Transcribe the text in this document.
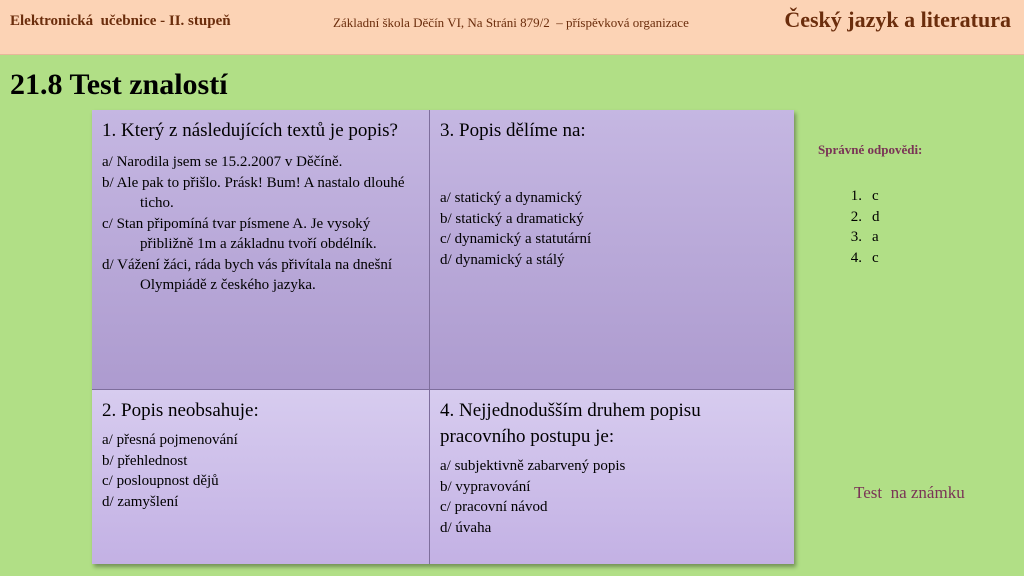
Elektronická  učebnice - II. stupeň	Základní škola Děčín VI, Na Stráni 879/2  – příspěvková organizace	Český jazyk a literatura
21.8 Test znalostí

1. Který z následujících textů je popis?

a/ Narodila jsem se 15.2.2007 v Děčíně.
b/ Ale pak to přišlo. Prásk! Bum! A nastalo dlouhé ticho.
c/ Stan připomíná tvar písmene A. Je vysoký přibližně 1m a základnu tvoří obdélník.
d/ Vážení žáci, ráda bych vás přivítala na dnešní Olympiádě z českého jazyka.

3. Popis dělíme na:

a/ statický a dynamický
b/ statický a dramatický
c/ dynamický a statutární
d/ dynamický a stálý

2. Popis neobsahuje:

a/ přesná pojmenování
b/ přehlednost
c/ posloupnost dějů
d/ zamyšlení

4. Nejjednodušším druhem popisu pracovního postupu je:

a/ subjektivně zabarvený popis
b/ vypravování
c/ pracovní návod
d/ úvaha
Správné odpovědi:
1. c
2. d
3. a
4. c
Test  na známku
